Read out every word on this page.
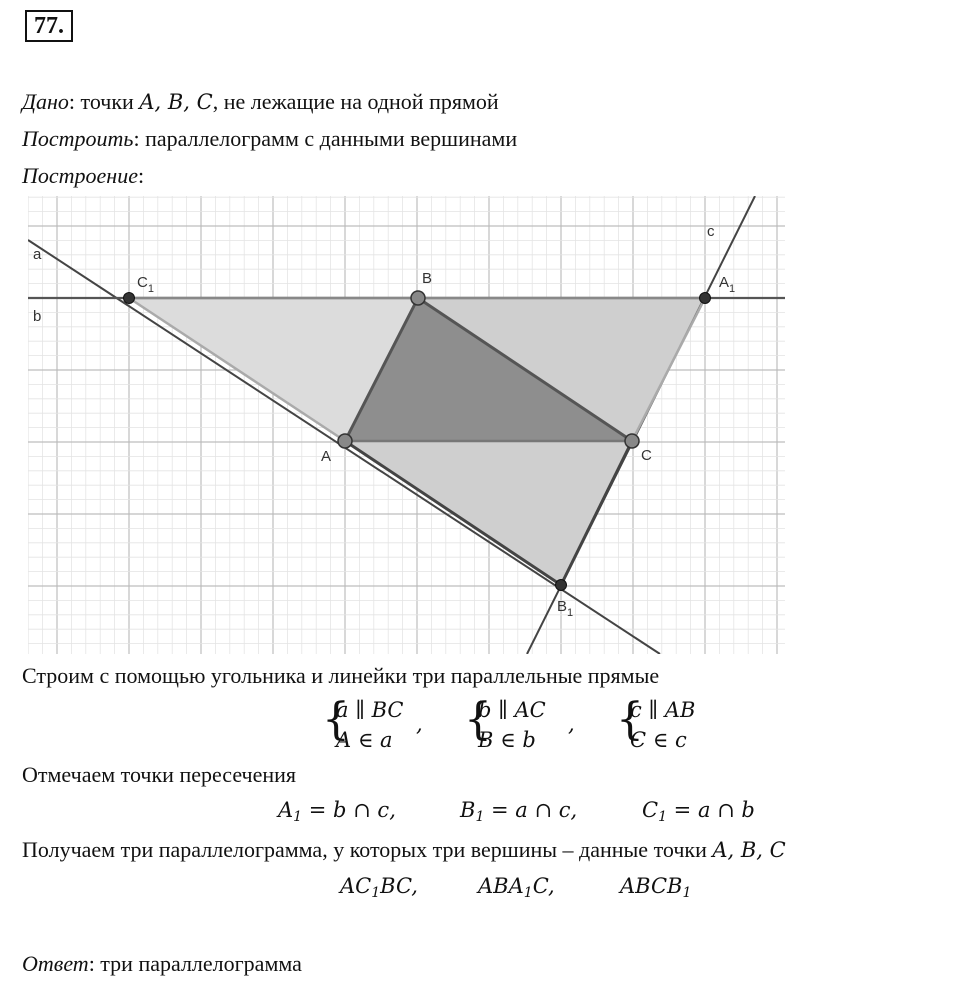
77.
Дано: точки A, B, C, не лежащие на одной прямой
Построить: параллелограмм с данными вершинами
Построение:
a
b
c
A
B
C
$C_1$	$A_1$
$B_1$
Строим с помощью угольника и линейки три параллельные прямые
{
a ∥ BC
A ∈ a
, {
b ∥ AC
B ∈ b
, {
c ∥ AB
C ∈ c
Отмечаем точки пересечения
$A_1 = b$ ∩ c,	$B_1 = a$ ∩ c,	$C_1 = a$ ∩ b
Получаем три параллелограмма, у которых три вершины – данные точки A, B, C
$AC_1BC$,	$ABA_1C$,	$ABCB_1$
Ответ: три параллелограмма
